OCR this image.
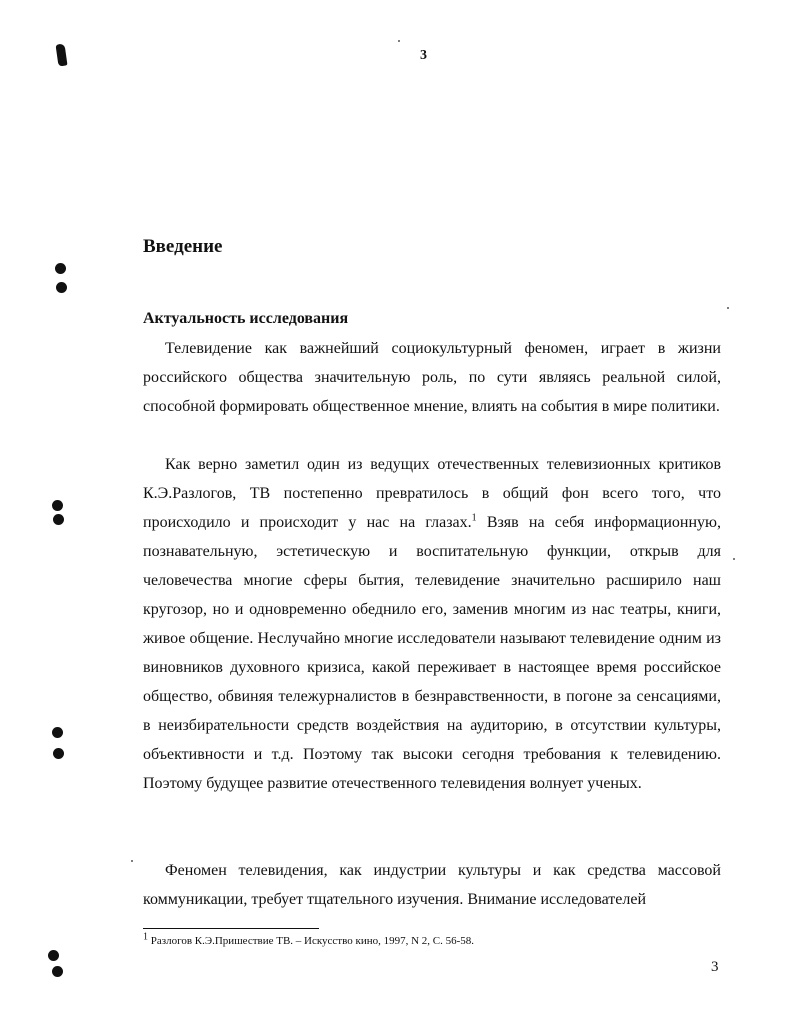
3
Введение
Актуальность исследования

Телевидение как важнейший социокультурный феномен, играет в жизни российского общества значительную роль, по сути являясь реальной силой, способной формировать общественное мнение, влиять на события в мире политики.

Как верно заметил один из ведущих отечественных телевизионных критиков К.Э.Разлогов, ТВ постепенно превратилось в общий фон всего того, что происходило и происходит у нас на глазах.$^1$ Взяв на себя информационную, познавательную, эстетическую и воспитательную функции, открыв для человечества многие сферы бытия, телевидение значительно расширило наш кругозор, но и одновременно обеднило его, заменив многим из нас театры, книги, живое общение. Неслучайно многие исследователи называют телевидение одним из виновников духовного кризиса, какой переживает в настоящее время российское общество, обвиняя тележурналистов в безнравственности, в погоне за сенсациями, в неизбирательности средств воздействия на аудиторию, в отсутствии культуры, объективности и т.д. Поэтому так высоки сегодня требования к телевидению. Поэтому будущее развитие отечественного телевидения волнует ученых.

Феномен телевидения, как индустрии культуры и как средства массовой коммуникации, требует тщательного изучения. Внимание исследователей

$^1$ Разлогов К.Э.Пришествие ТВ. – Искусство кино, 1997, N 2, С. 56-58.
3
